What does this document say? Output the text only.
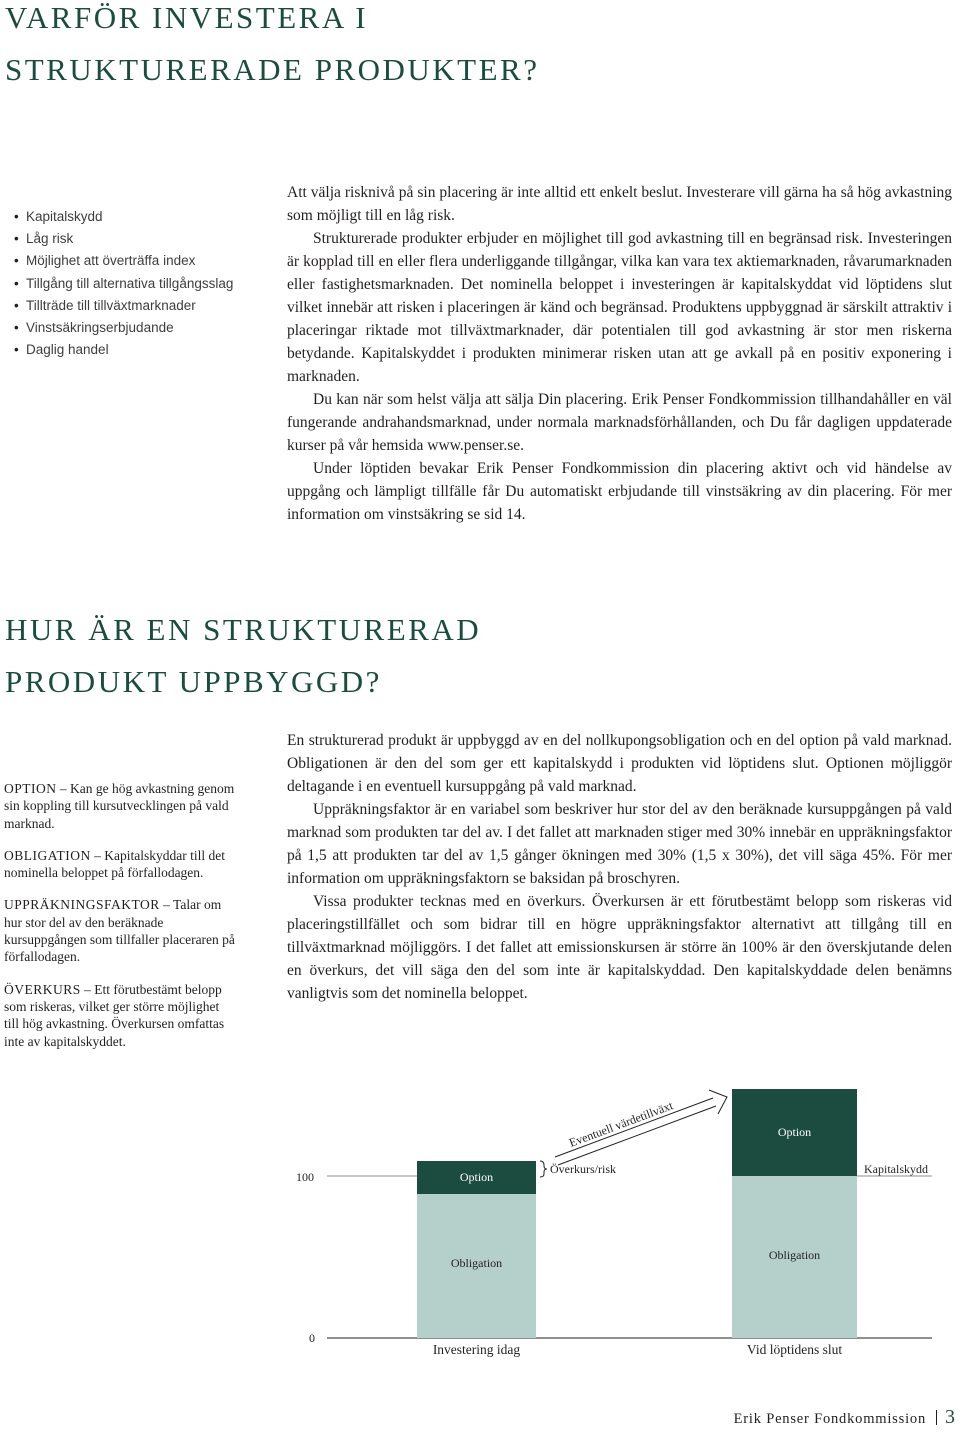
VARFÖR INVESTERA I
STRUKTURERADE PRODUKTER?
• Kapitalskydd
• Låg risk
• Möjlighet att överträffa index
• Tillgång till alternativa tillgångsslag
• Tillträde till tillväxtmarknader
• Vinstsäkringserbjudande
• Daglig handel

Att välja risknivå på sin placering är inte alltid ett enkelt beslut. Investerare vill gärna ha så hög avkastning som möjligt till en låg risk.

Strukturerade produkter erbjuder en möjlighet till god avkastning till en begränsad risk. Investeringen är kopplad till en eller flera underliggande tillgångar, vilka kan vara tex aktiemarknaden, råvarumarknaden eller fastighetsmarknaden. Det nominella beloppet i investeringen är kapitalskyddat vid löptidens slut vilket innebär att risken i placeringen är känd och begränsad. Produktens uppbyggnad är särskilt attraktiv i placeringar riktade mot tillväxtmarknader, där potentialen till god avkastning är stor men riskerna betydande. Kapitalskyddet i produkten minimerar risken utan att ge avkall på en positiv exponering i marknaden.

Du kan när som helst välja att sälja Din placering. Erik Penser Fondkommission tillhandahåller en väl fungerande andrahandsmarknad, under normala marknadsförhållanden, och Du får dagligen uppdaterade kurser på vår hemsida www.penser.se.

Under löptiden bevakar Erik Penser Fondkommission din placering aktivt och vid händelse av uppgång och lämpligt tillfälle får Du automatiskt erbjudande till vinstsäkring av din placering. För mer information om vinstsäkring se sid 14.

HUR ÄR EN STRUKTURERAD
PRODUKT UPPBYGGD?

OPTION – Kan ge hög avkastning genom sin koppling till kursutvecklingen på vald marknad.

OBLIGATION – Kapitalskyddar till det nominella beloppet på förfallodagen.

UPPRÄKNINGSFAKTOR – Talar om hur stor del av den beräknade kursuppgången som tillfaller placeraren på förfallodagen.

ÖVERKURS – Ett förutbestämt belopp som riskeras, vilket ger större möjlighet till hög avkastning. Överkursen omfattas inte av kapitalskyddet.

En strukturerad produkt är uppbyggd av en del nollkupongsobligation och en del option på vald marknad. Obligationen är den del som ger ett kapitalskydd i produkten vid löptidens slut. Optionen möjliggör deltagande i en eventuell kursuppgång på vald marknad.

Uppräkningsfaktor är en variabel som beskriver hur stor del av den beräknade kursuppgången på vald marknad som produkten tar del av. I det fallet att marknaden stiger med 30% innebär en uppräkningsfaktor på 1,5 att produkten tar del av 1,5 gånger ökningen med 30% (1,5 x 30%), det vill säga 45%. För mer information om uppräkningsfaktorn se baksidan på broschyren.

Vissa produkter tecknas med en överkurs. Överkursen är ett förutbestämt belopp som riskeras vid placeringstillfället och som bidrar till en högre uppräkningsfaktor alternativt att tillgång till en tillväxtmarknad möjliggörs. I det fallet att emissionskursen är större än 100% är den överskjutande delen en överkurs, det vill säga den del som inte är kapitalskyddad. Den kapitalskyddade delen benämns vanligtvis som det nominella beloppet.

100
0
Option
Obligation
Investering idag
Överkurs/risk
Eventuell värdetillväxt	Option
Obligation
Vid löptidens slut
Kapitalskydd
Erik Penser Fondkommission 3
